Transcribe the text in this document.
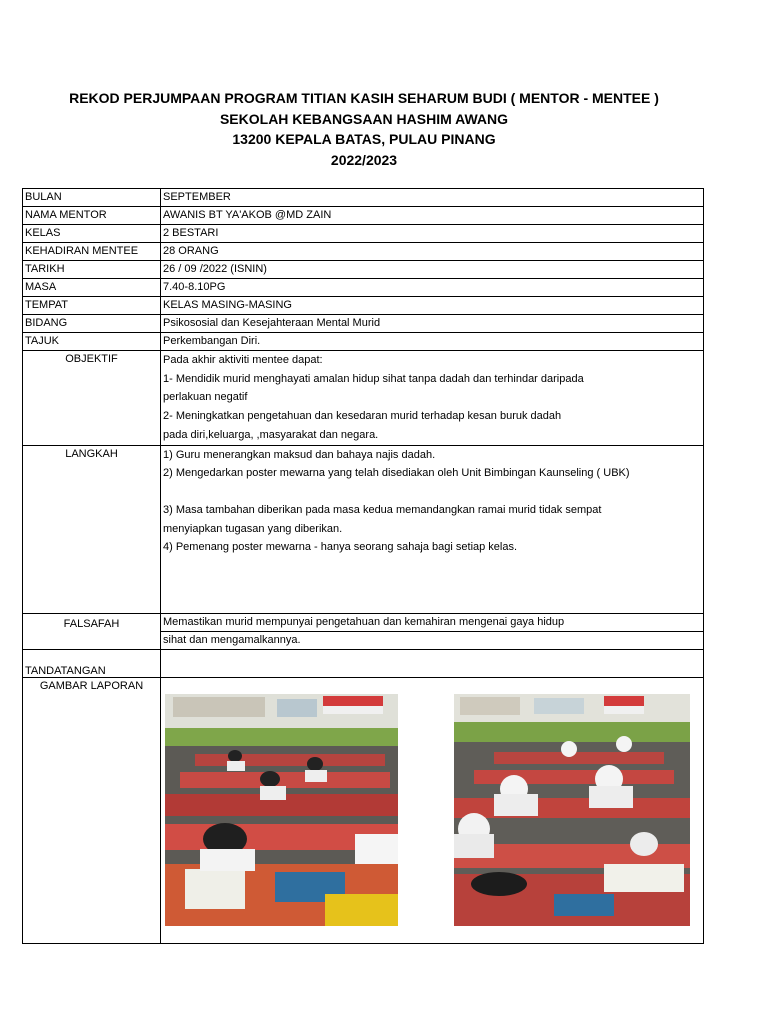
REKOD PERJUMPAAN PROGRAM TITIAN KASIH SEHARUM BUDI ( MENTOR - MENTEE )
SEKOLAH KEBANGSAAN HASHIM AWANG
13200 KEPALA BATAS, PULAU PINANG
2022/2023
BULAN	SEPTEMBER
NAMA MENTOR	AWANIS BT YA'AKOB @MD ZAIN
KELAS	2 BESTARI
KEHADIRAN MENTEE	28 ORANG
TARIKH	26 / 09 /2022 (ISNIN)
MASA	7.40-8.10PG
TEMPAT	KELAS MASING-MASING
BIDANG	Psikososial dan Kesejahteraan Mental Murid
TAJUK	Perkembangan Diri.
OBJEKTIF	Pada akhir aktiviti mentee dapat:
1- Mendidik murid menghayati amalan hidup sihat tanpa dadah dan terhindar daripada
perlakuan negatif
2- Meningkatkan pengetahuan dan kesedaran murid terhadap kesan buruk dadah
pada diri,keluarga, ,masyarakat dan negara.

LANGKAH	1) Guru menerangkan maksud dan bahaya najis dadah.
2) Mengedarkan poster mewarna yang telah disediakan oleh Unit Bimbingan Kaunseling ( UBK)
3) Masa tambahan diberikan pada masa kedua memandangkan ramai murid tidak sempat
menyiapkan tugasan yang diberikan.
4) Pemenang poster mewarna - hanya seorang sahaja bagi setiap kelas.

FALSAFAH	Memastikan murid mempunyai pengetahuan dan kemahiran mengenai gaya hidup
	sihat dan mengamalkannya.
TANDATANGAN	
GAMBAR LAPORAN	
